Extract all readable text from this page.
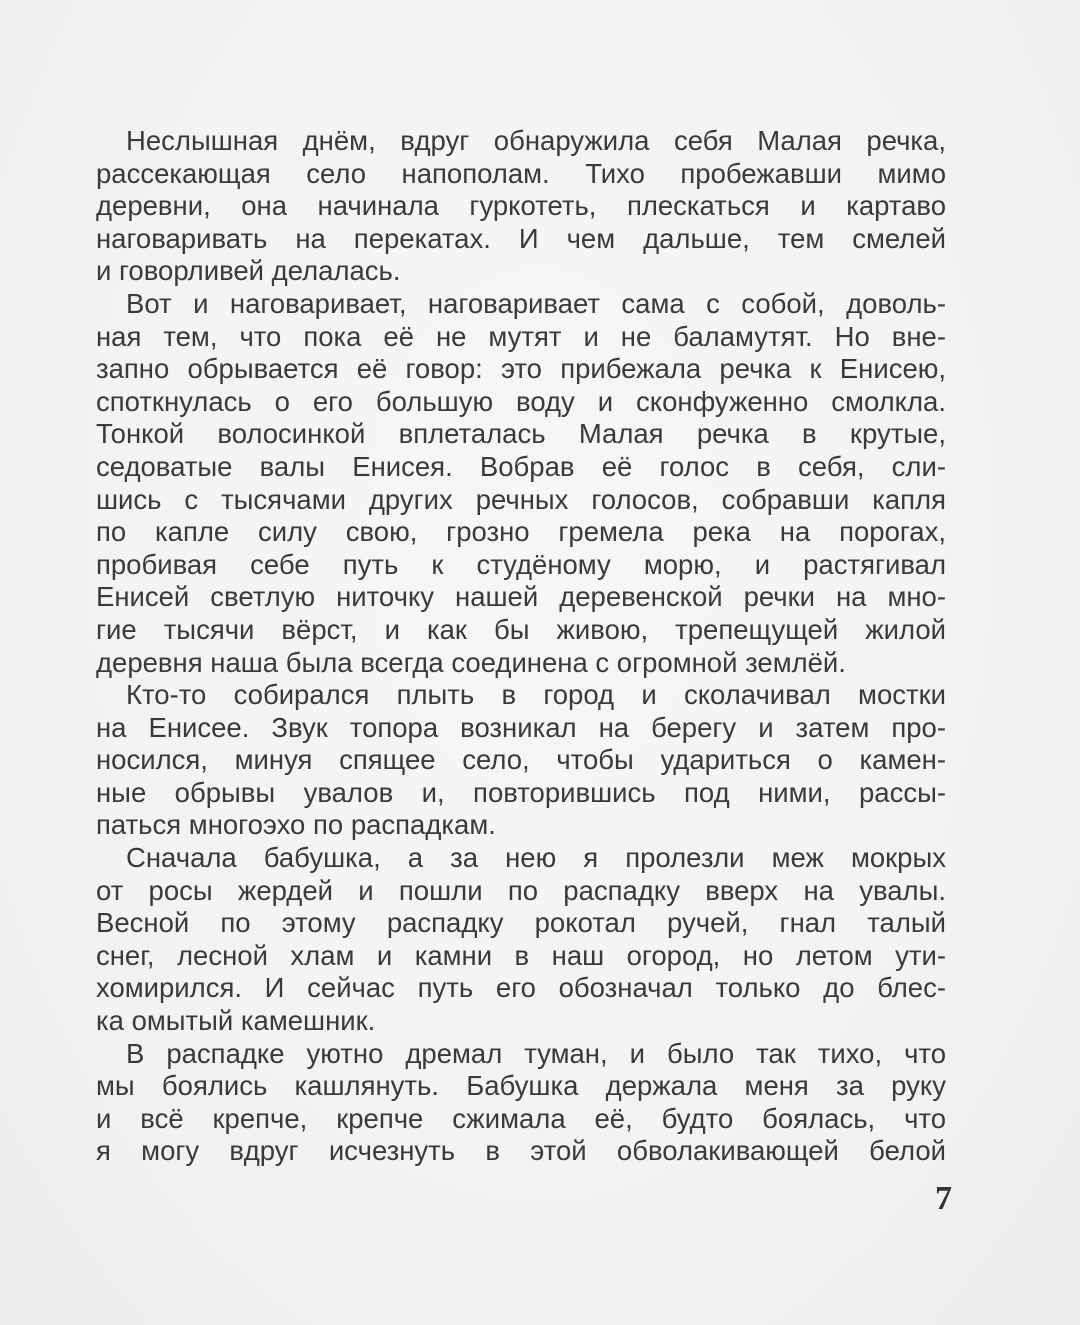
Неслышная днём, вдруг обнаружила себя Малая речка,
рассекающая село напополам. Тихо пробежавши мимо
деревни, она начинала гуркотеть, плескаться и картаво
наговаривать на перекатах. И чем дальше, тем смелей
и говорливей делалась.
Вот и наговаривает, наговаривает сама с собой, доволь-
ная тем, что пока её не мутят и не баламутят. Но вне-
запно обрывается её говор: это прибежала речка к Енисею,
споткнулась о его большую воду и сконфуженно смолкла.
Тонкой волосинкой вплеталась Малая речка в крутые,
седоватые валы Енисея. Вобрав её голос в себя, сли-
шись с тысячами других речных голосов, собравши капля
по капле силу свою, грозно гремела река на порогах,
пробивая себе путь к студёному морю, и растягивал
Енисей светлую ниточку нашей деревенской речки на мно-
гие тысячи вёрст, и как бы живою, трепещущей жилой
деревня наша была всегда соединена с огромной землёй.
Кто-то собирался плыть в город и сколачивал мостки
на Енисее. Звук топора возникал на берегу и затем про-
носился, минуя спящее село, чтобы удариться о камен-
ные обрывы увалов и, повторившись под ними, рассы-
паться многоэхо по распадкам.
Сначала бабушка, а за нею я пролезли меж мокрых
от росы жердей и пошли по распадку вверх на увалы.
Весной по этому распадку рокотал ручей, гнал талый
снег, лесной хлам и камни в наш огород, но летом ути-
хомирился. И сейчас путь его обозначал только до блес-
ка омытый камешник.
В распадке уютно дремал туман, и было так тихо, что
мы боялись кашлянуть. Бабушка держала меня за руку
и всё крепче, крепче сжимала её, будто боялась, что
я могу вдруг исчезнуть в этой обволакивающей белой
7
